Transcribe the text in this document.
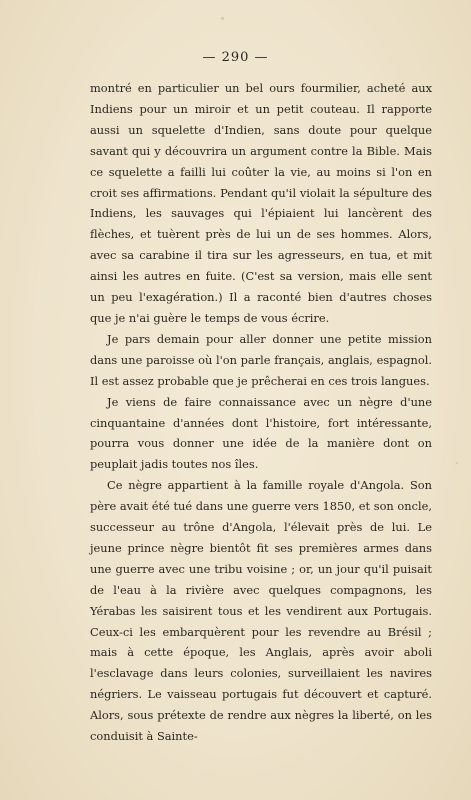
— 290 —

montré en particulier un bel ours fourmilier, acheté aux Indiens pour un miroir et un petit couteau. Il rapporte aussi un squelette d'Indien, sans doute pour quelque savant qui y découvrira un argument contre la Bible. Mais ce squelette a failli lui coûter la vie, au moins si l'on en croit ses affirmations. Pendant qu'il violait la sépulture des Indiens, les sauvages qui l'épiaient lui lancèrent des flèches, et tuèrent près de lui un de ses hommes. Alors, avec sa carabine il tira sur les agresseurs, en tua, et mit ainsi les autres en fuite. (C'est sa version, mais elle sent un peu l'exagération.) Il a raconté bien d'autres choses que je n'ai guère le temps de vous écrire.

Je pars demain pour aller donner une petite mission dans une paroisse où l'on parle français, anglais, espagnol. Il est assez probable que je prêcherai en ces trois langues.

Je viens de faire connaissance avec un nègre d'une cinquantaine d'années dont l'histoire, fort intéressante, pourra vous donner une idée de la manière dont on peuplait jadis toutes nos îles.

Ce nègre appartient à la famille royale d'Angola. Son père avait été tué dans une guerre vers 1850, et son oncle, successeur au trône d'Angola, l'élevait près de lui. Le jeune prince nègre bientôt fit ses premières armes dans une guerre avec une tribu voisine ; or, un jour qu'il puisait de l'eau à la rivière avec quelques compagnons, les Yérabas les saisirent tous et les vendirent aux Portugais. Ceux-ci les embarquèrent pour les revendre au Brésil ; mais à cette époque, les Anglais, après avoir aboli l'esclavage dans leurs colonies, surveillaient les navires négriers. Le vaisseau portugais fut découvert et capturé. Alors, sous prétexte de rendre aux nègres la liberté, on les conduisit à Sainte-
